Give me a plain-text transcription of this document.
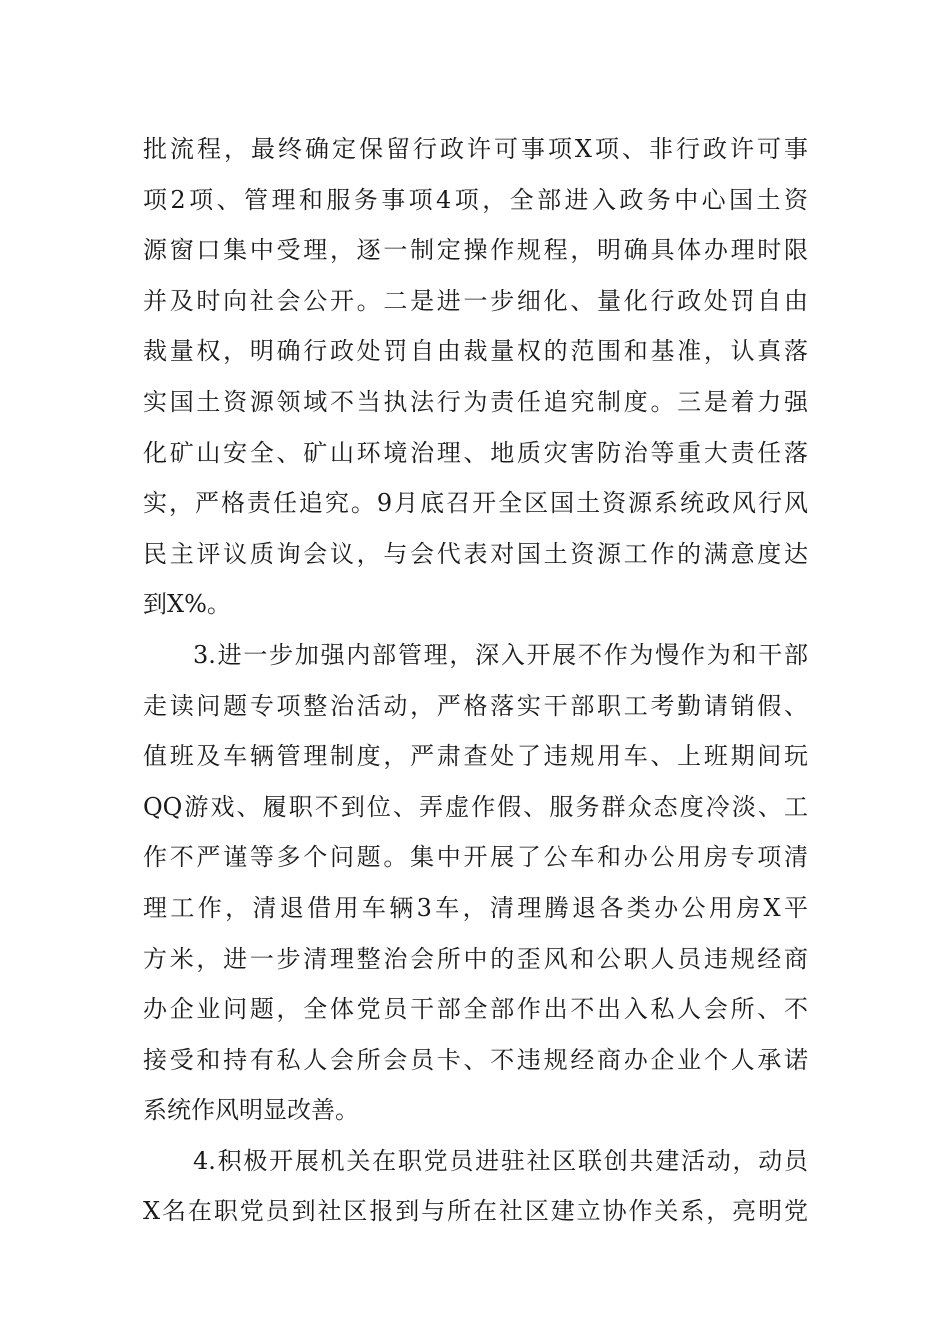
批流程，最终确定保留行政许可事项X项、非行政许可事
项2项、管理和服务事项4项，全部进入政务中心国土资
源窗口集中受理，逐一制定操作规程，明确具体办理时限
并及时向社会公开。二是进一步细化、量化行政处罚自由
裁量权，明确行政处罚自由裁量权的范围和基准，认真落
实国土资源领域不当执法行为责任追究制度。三是着力强
化矿山安全、矿山环境治理、地质灾害防治等重大责任落
实，严格责任追究。9月底召开全区国土资源系统政风行风
民主评议质询会议，与会代表对国土资源工作的满意度达
到X%。
3.进一步加强内部管理，深入开展不作为慢作为和干部
走读问题专项整治活动，严格落实干部职工考勤请销假、
值班及车辆管理制度，严肃查处了违规用车、上班期间玩
QQ游戏、履职不到位、弄虚作假、服务群众态度冷淡、工
作不严谨等多个问题。集中开展了公车和办公用房专项清
理工作，清退借用车辆3车，清理腾退各类办公用房X平
方米，进一步清理整治会所中的歪风和公职人员违规经商
办企业问题，全体党员干部全部作出不出入私人会所、不
接受和持有私人会所会员卡、不违规经商办企业个人承诺
系统作风明显改善。
4.积极开展机关在职党员进驻社区联创共建活动，动员
X名在职党员到社区报到与所在社区建立协作关系，亮明党
